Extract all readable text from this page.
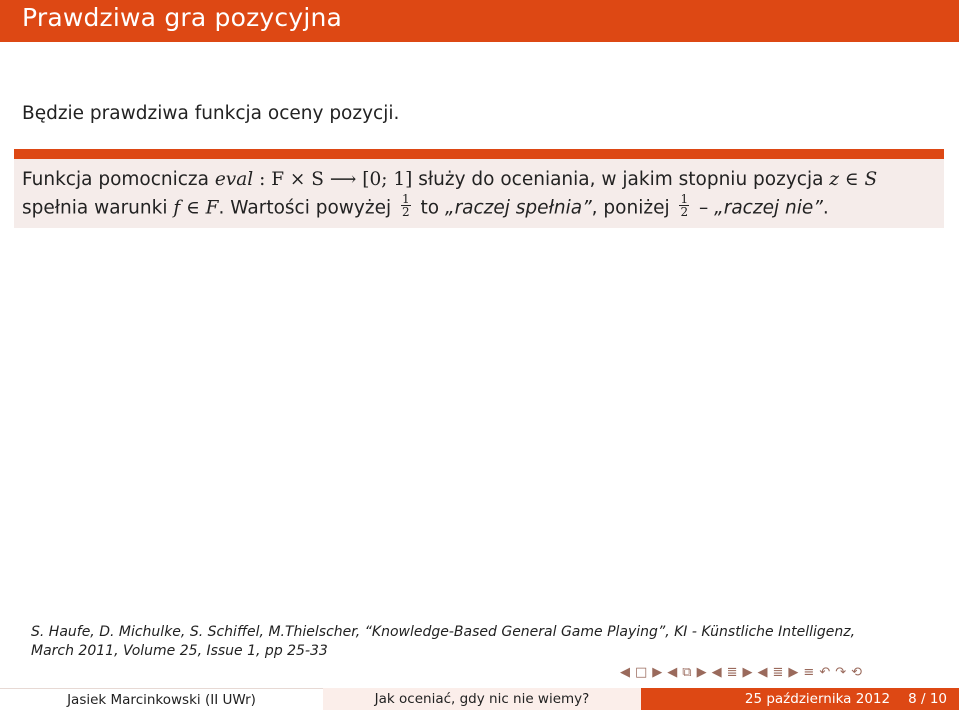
Prawdziwa gra pozycyjna
Będzie prawdziwa funkcja oceny pozycji.
Funkcja pomocnicza eval : F × S ⟶ [0; 1] służy do oceniania, w jakim stopniu pozycja z ∈ S
spełnia warunki f ∈ F. Wartości powyżej $\frac{1}{2}$ to „raczej spełnia”, poniżej $\frac{1}{2}$ – „raczej nie”.
S. Haufe, D. Michulke, S. Schiffel, M.Thielscher, “Knowledge-Based General Game Playing”, KI - Künstliche Intelligenz,
March 2011, Volume 25, Issue 1, pp 25-33
◀ □ ▶ ◀ ⧉ ▶ ◀ ≣ ▶ ◀ ≣ ▶ ≡ ↶ ↷ ⟲
Jasiek Marcinkowski (II UWr)	Jak oceniać, gdy nic nie wiemy?	25 października 2012 8 / 10
